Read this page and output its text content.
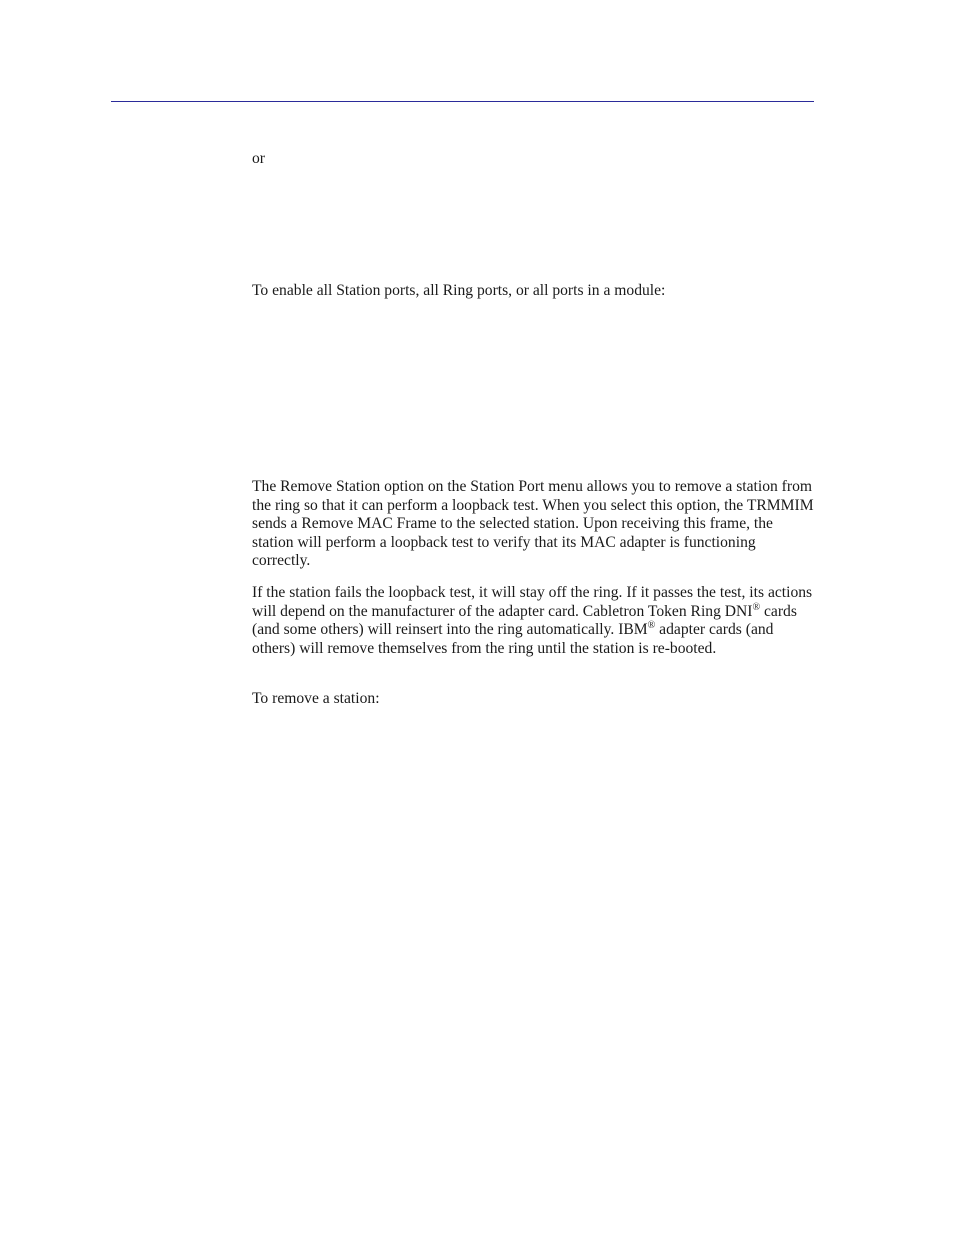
or

To enable all Station ports, all Ring ports, or all ports in a module:

The Remove Station option on the Station Port menu allows you to remove a station from the ring so that it can perform a loopback test. When you select this option, the TRMMIM sends a Remove MAC Frame to the selected station. Upon receiving this frame, the station will perform a loopback test to verify that its MAC adapter is functioning correctly.

If the station fails the loopback test, it will stay off the ring. If it passes the test, its actions will depend on the manufacturer of the adapter card. Cabletron Token Ring DNI® cards (and some others) will reinsert into the ring automatically. IBM® adapter cards (and others) will remove themselves from the ring until the station is re-booted.

To remove a station:
